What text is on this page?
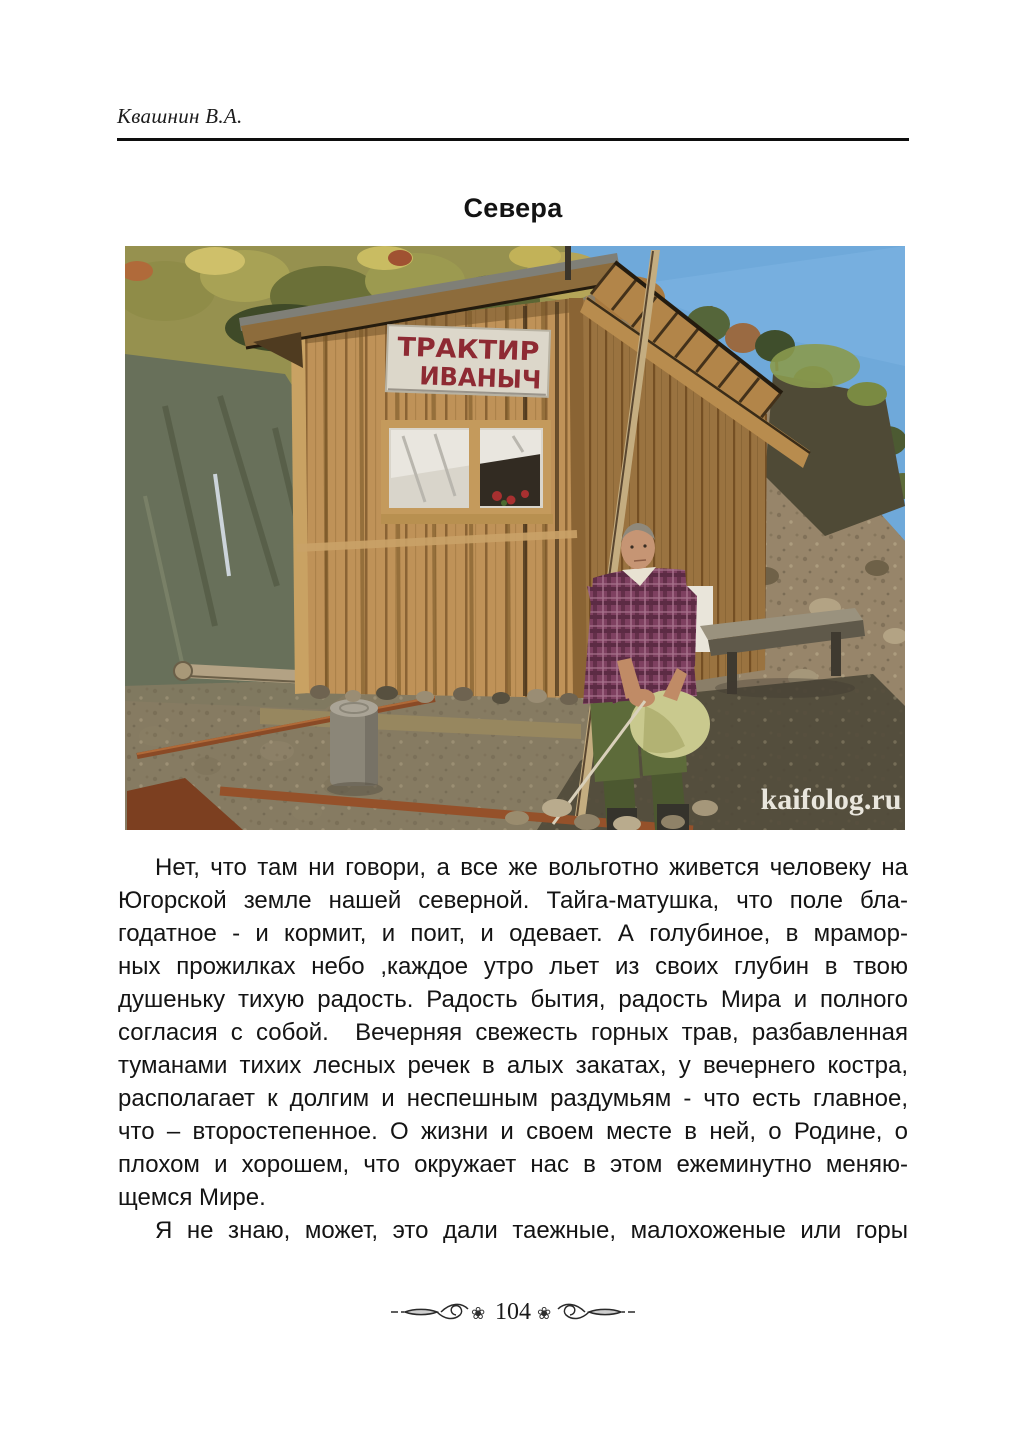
Квашнин В.А.
Севера
ТРАКТИР
ИВАНЫЧ
kaifolog.ru
Нет, что там ни говори, а все же вольготно живется человеку на
Югорской земле нашей северной. Тайга-матушка, что поле бла-
годатное - и кормит, и поит, и одевает. А голубиное, в мрамор-
ных прожилках небо ,каждое утро льет из своих глубин в твою
душеньку тихую радость. Радость бытия, радость Мира и полного
согласия с собой.  Вечерняя свежесть горных трав, разбавленная
туманами тихих лесных речек в алых закатах, у вечернего костра,
располагает к долгим и неспешным раздумьям - что есть главное,
что – второстепенное. О жизни и своем месте в ней, о Родине, о
плохом и хорошем, что окружает нас в этом ежеминутно меняю-
щемся Мире.
Я не знаю, может, это дали таежные, малохоженые или горы
❀ 104 ❀
